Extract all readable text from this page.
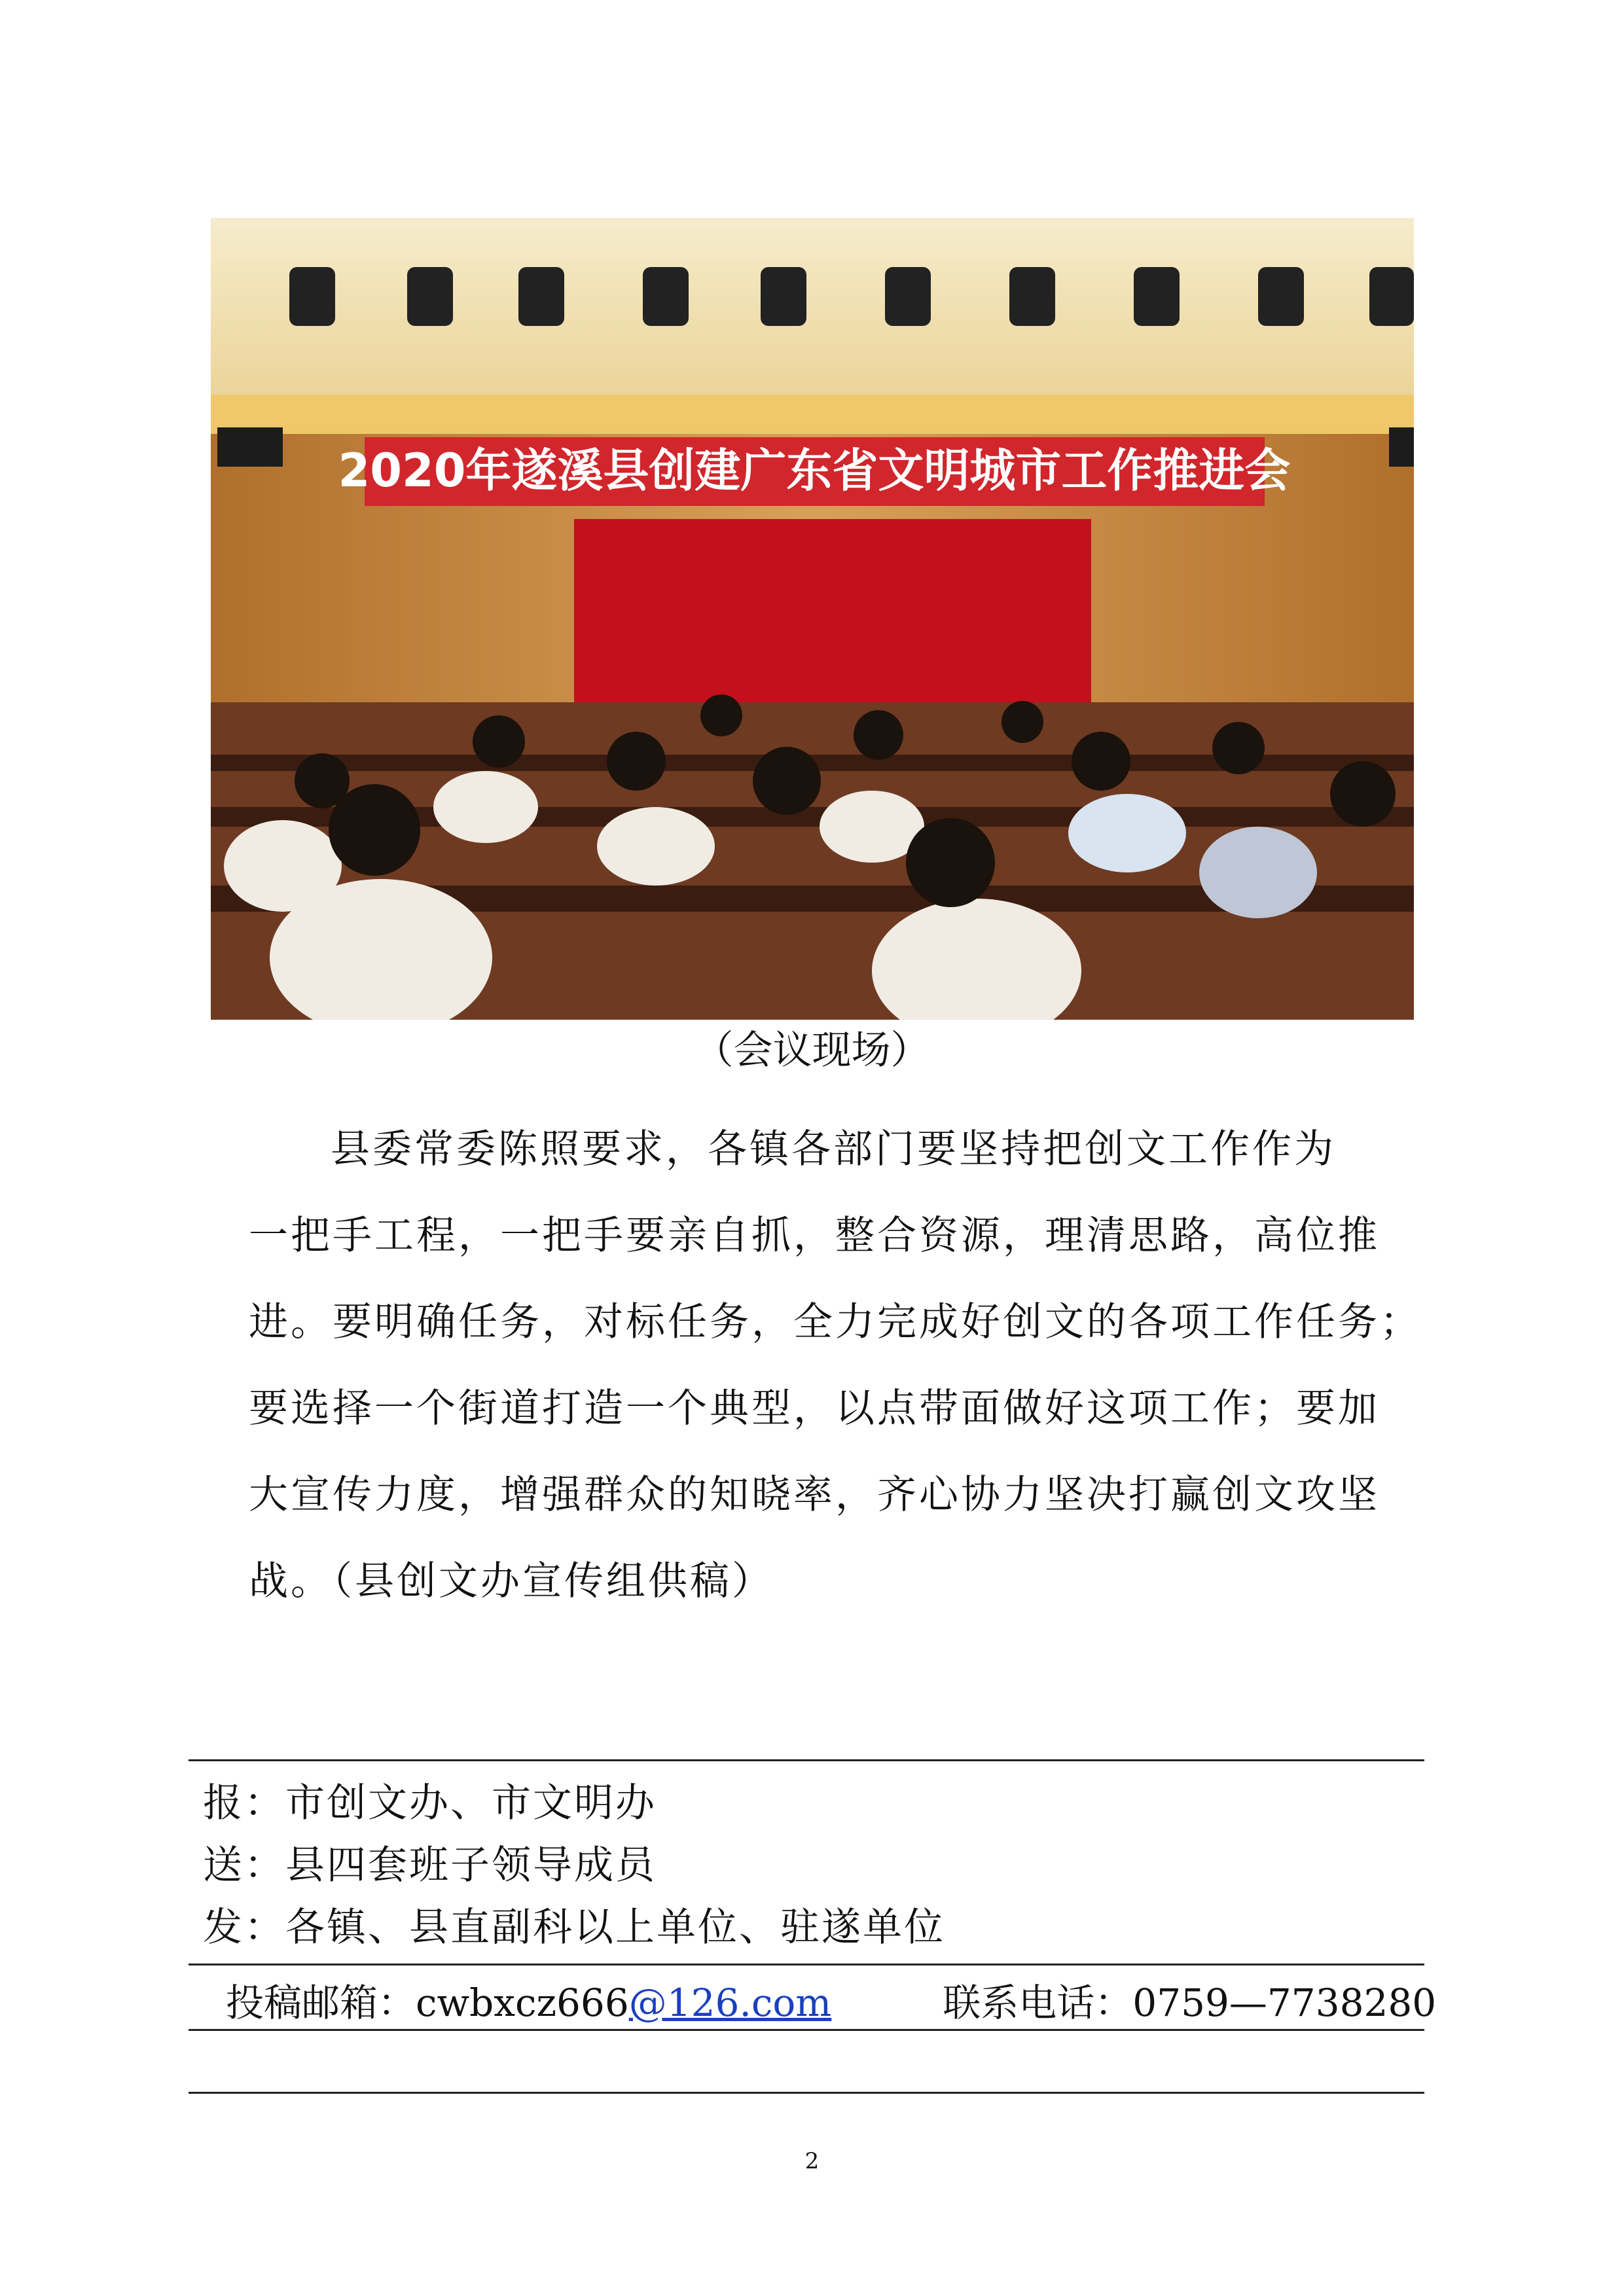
2020年遂溪县创建广东省文明城市工作推进会
（会议现场）
县委常委陈照要求，各镇各部门要坚持把创文工作作为
一把手工程，一把手要亲自抓，整合资源，理清思路，高位推
进。要明确任务，对标任务，全力完成好创文的各项工作任务；
要选择一个街道打造一个典型，以点带面做好这项工作；要加
大宣传力度，增强群众的知晓率，齐心协力坚决打赢创文攻坚
战。（县创文办宣传组供稿）
报：市创文办、市文明办
送：县四套班子领导成员
发：各镇、县直副科以上单位、驻遂单位
投稿邮箱：cwbxcz666@126.com	联系电话：0759—7738280
2
